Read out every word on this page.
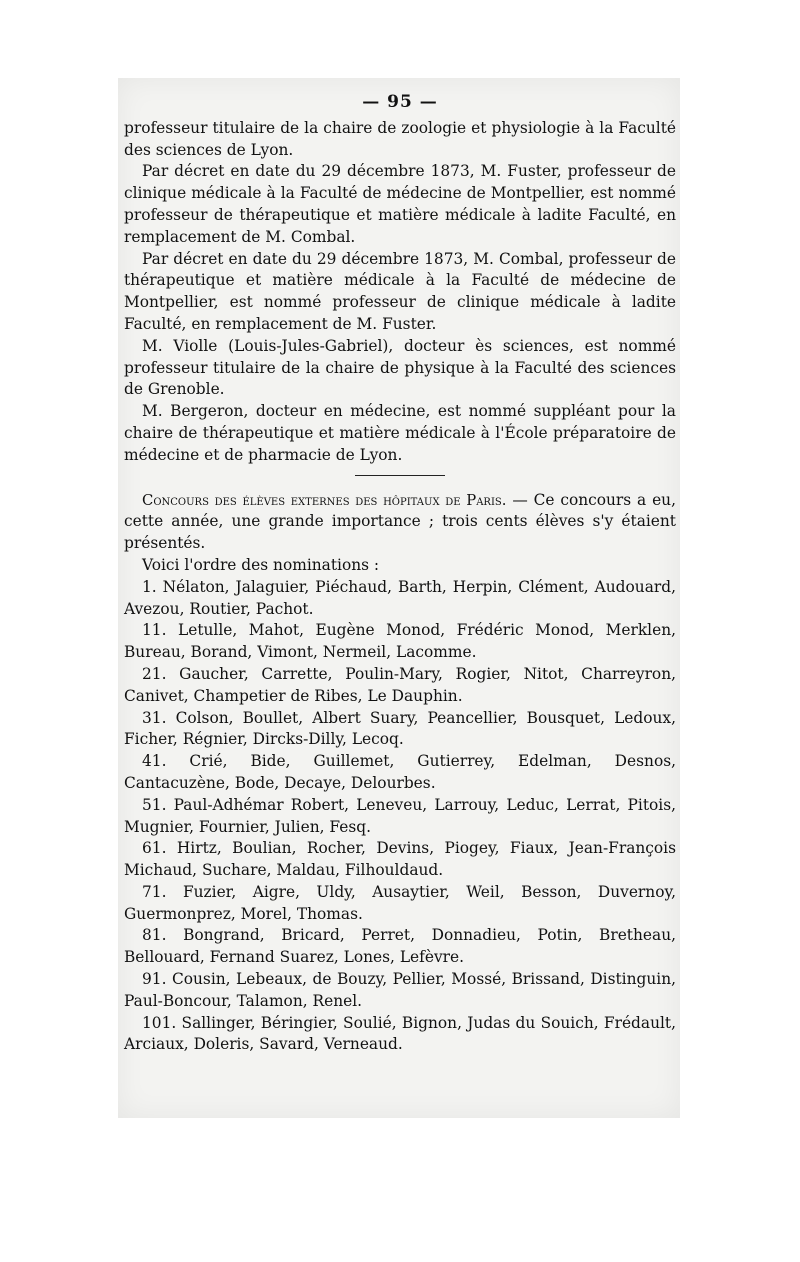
— 95 —

professeur titulaire de la chaire de zoologie et physiologie à la Faculté des sciences de Lyon.

Par décret en date du 29 décembre 1873, M. Fuster, professeur de clinique médicale à la Faculté de médecine de Montpellier, est nommé professeur de thérapeutique et matière médicale à ladite Faculté, en remplacement de M. Combal.

Par décret en date du 29 décembre 1873, M. Combal, professeur de thérapeutique et matière médicale à la Faculté de médecine de Montpellier, est nommé professeur de clinique médicale à ladite Faculté, en remplacement de M. Fuster.

M. Violle (Louis-Jules-Gabriel), docteur ès sciences, est nommé professeur titulaire de la chaire de physique à la Faculté des sciences de Grenoble.

M. Bergeron, docteur en médecine, est nommé suppléant pour la chaire de thérapeutique et matière médicale à l'École préparatoire de médecine et de pharmacie de Lyon.

Concours des élèves externes des hôpitaux de Paris. — Ce concours a eu, cette année, une grande importance ; trois cents élèves s'y étaient présentés.

Voici l'ordre des nominations :

1. Nélaton, Jalaguier, Piéchaud, Barth, Herpin, Clément, Audouard, Avezou, Routier, Pachot.

11. Letulle, Mahot, Eugène Monod, Frédéric Monod, Merklen, Bureau, Borand, Vimont, Nermeil, Lacomme.

21. Gaucher, Carrette, Poulin-Mary, Rogier, Nitot, Charreyron, Canivet, Champetier de Ribes, Le Dauphin.

31. Colson, Boullet, Albert Suary, Peancellier, Bousquet, Ledoux, Ficher, Régnier, Dircks-Dilly, Lecoq.

41. Crié, Bide, Guillemet, Gutierrey, Edelman, Desnos, Cantacuzène, Bode, Decaye, Delourbes.

51. Paul-Adhémar Robert, Leneveu, Larrouy, Leduc, Lerrat, Pitois, Mugnier, Fournier, Julien, Fesq.

61. Hirtz, Boulian, Rocher, Devins, Piogey, Fiaux, Jean-François Michaud, Suchare, Maldau, Filhouldaud.

71. Fuzier, Aigre, Uldy, Ausaytier, Weil, Besson, Duvernoy, Guermonprez, Morel, Thomas.

81. Bongrand, Bricard, Perret, Donnadieu, Potin, Bretheau, Bellouard, Fernand Suarez, Lones, Lefèvre.

91. Cousin, Lebeaux, de Bouzy, Pellier, Mossé, Brissand, Distinguin, Paul-Boncour, Talamon, Renel.

101. Sallinger, Béringier, Soulié, Bignon, Judas du Souich, Frédault, Arciaux, Doleris, Savard, Verneaud.
